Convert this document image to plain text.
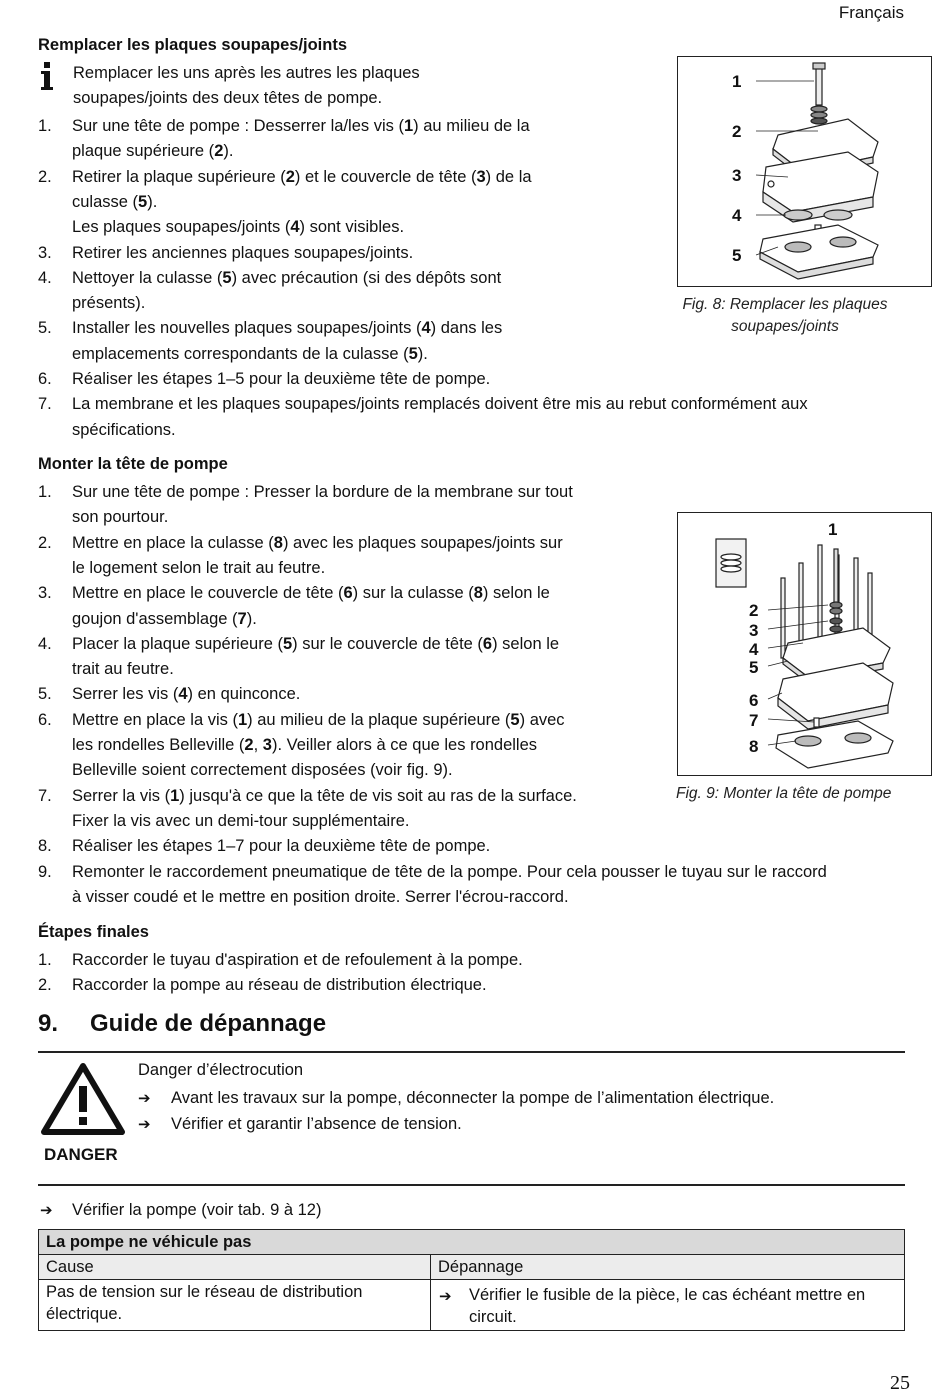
Français
Remplacer les plaques soupapes/joints
Remplacer les uns après les autres les plaques
soupapes/joints des deux têtes de pompe.
1. Sur une tête de pompe : Desserrer la/les vis (1) au milieu de la
plaque supérieure (2).
2. Retirer la plaque supérieure (2) et le couvercle de tête (3) de la
culasse (5).
Les plaques soupapes/joints (4) sont visibles.
3. Retirer les anciennes plaques soupapes/joints.
4. Nettoyer la culasse (5) avec précaution (si des dépôts sont
présents).
5. Installer les nouvelles plaques soupapes/joints (4) dans les
emplacements correspondants de la culasse (5).
6. Réaliser les étapes 1–5 pour la deuxième tête de pompe.
7. La membrane et les plaques soupapes/joints remplacés doivent être mis au rebut conformément aux
spécifications.
1
2
3
4
5
Fig. 8: Remplacer les plaques
soupapes/joints
Monter la tête de pompe
1. Sur une tête de pompe : Presser la bordure de la membrane sur tout
son pourtour.
2. Mettre en place la culasse (8) avec les plaques soupapes/joints sur
le logement selon le trait au feutre.
3. Mettre en place le couvercle de tête (6) sur la culasse (8) selon le
goujon d'assemblage (7).
4. Placer la plaque supérieure (5) sur le couvercle de tête (6) selon le
trait au feutre.
5. Serrer les vis (4) en quinconce.
6. Mettre en place la vis (1) au milieu de la plaque supérieure (5) avec
les rondelles Belleville (2, 3). Veiller alors à ce que les rondelles
Belleville soient correctement disposées (voir fig. 9).
7. Serrer la vis (1) jusqu'à ce que la tête de vis soit au ras de la surface.
Fixer la vis avec un demi-tour supplémentaire.
8. Réaliser les étapes 1–7 pour la deuxième tête de pompe.
9. Remonter le raccordement pneumatique de tête de la pompe. Pour cela pousser le tuyau sur le raccord
à visser coudé et le mettre en position droite. Serrer l'écrou-raccord.
1
2
3
4
5
6
7
8
Fig. 9: Monter la tête de pompe
Étapes finales
1. Raccorder le tuyau d'aspiration et de refoulement à la pompe.
2. Raccorder la pompe au réseau de distribution électrique.
9. Guide de dépannage
DANGER
Danger d’électrocution
➔ Avant les travaux sur la pompe, déconnecter la pompe de l’alimentation électrique.
➔ Vérifier et garantir l’absence de tension.
➔ Vérifier la pompe (voir tab. 9 à 12)
La pompe ne véhicule pas	
Cause	Dépannage
Pas de tension sur le réseau de distribution électrique.	➔ Vérifier le fusible de la pièce, le cas échéant mettre en circuit.
25
